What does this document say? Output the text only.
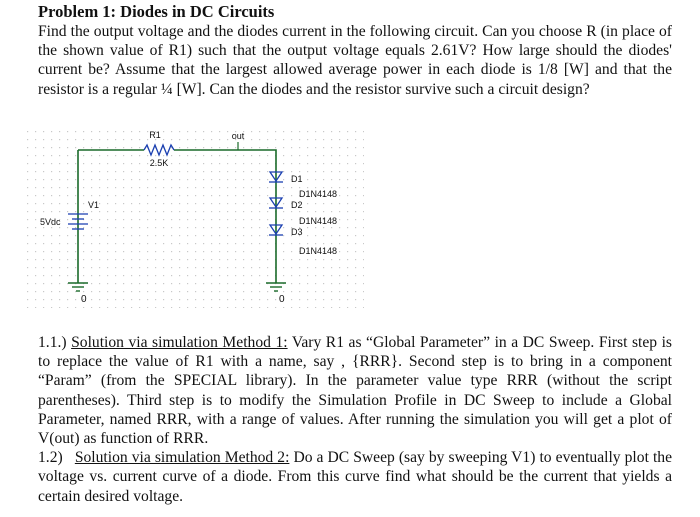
Problem 1: Diodes in DC Circuits

Find the output voltage and the diodes current in the following circuit. Can you choose R (in place of the shown value of R1) such that the output voltage equals 2.61V? How large should the diodes' current be? Assume that the largest allowed average power in each diode is 1/8 [W] and that the resistor is a regular ¼ [W]. Can the diodes and the resistor survive such a circuit design?

R1
2.5K
out
V1
5Vdc
0
D1
D1N4148
D2
D1N4148
D3
D1N4148
0

1.1.) Solution via simulation Method 1: Vary R1 as “Global Parameter” in a DC Sweep. First step is to replace the value of R1 with a name, say , {RRR}. Second step is to bring in a component “Param” (from the SPECIAL library). In the parameter value type RRR (without the script parentheses). Third step is to modify the Simulation Profile in DC Sweep to include a Global Parameter, named RRR, with a range of values. After running the simulation you will get a plot of V(out) as function of RRR.
1.2)   Solution via simulation Method 2: Do a DC Sweep (say by sweeping V1) to eventually plot the voltage vs. current curve of a diode. From this curve find what should be the current that yields a certain desired voltage.
